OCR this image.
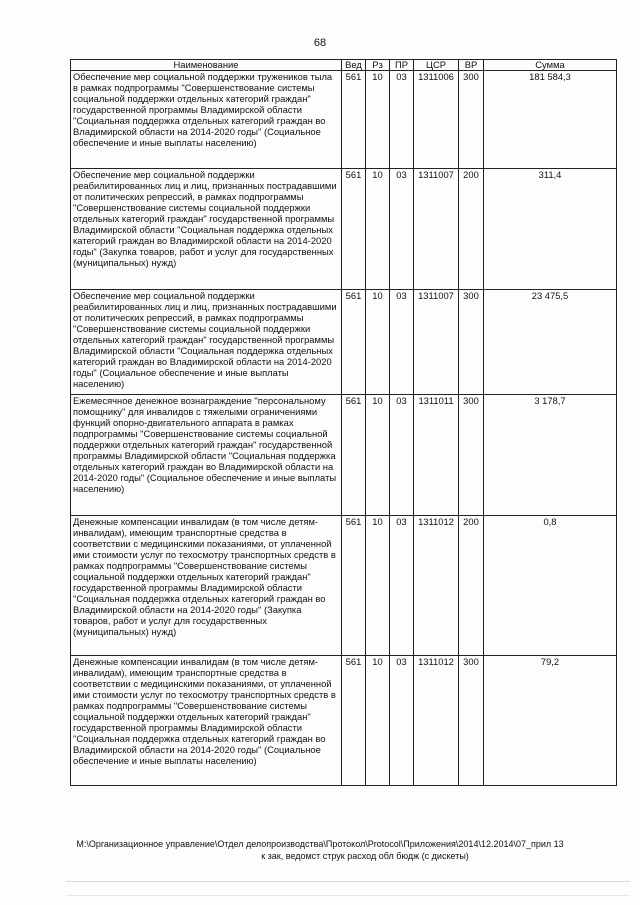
68
Наименование	Вед	Рз	ПР	ЦСР	ВР	Сумма
Обеспечение мер социальной поддержки тружеников тыла в рамках подпрограммы "Совершенствование системы социальной поддержки отдельных категорий граждан" государственной программы Владимирской области "Социальная поддержка отдельных категорий граждан во Владимирской области на 2014-2020 годы" (Социальное обеспечение и иные выплаты населению)	561	10	03	1311006	300	181 584,3
Обеспечение мер социальной поддержки реабилитированных лиц и лиц, признанных пострадавшими от политических репрессий, в рамках подпрограммы "Совершенствование системы социальной поддержки отдельных категорий граждан" государственной программы Владимирской области "Социальная поддержка отдельных категорий граждан во Владимирской области на 2014-2020 годы" (Закупка товаров, работ и услуг для государственных (муниципальных) нужд)	561	10	03	1311007	200	311,4
Обеспечение мер социальной поддержки реабилитированных лиц и лиц, признанных пострадавшими от политических репрессий, в рамках подпрограммы "Совершенствование системы социальной поддержки отдельных категорий граждан" государственной программы Владимирской области "Социальная поддержка отдельных категорий граждан во Владимирской области на 2014-2020 годы" (Социальное обеспечение и иные выплаты населению)	561	10	03	1311007	300	23 475,5
Ежемесячное денежное вознаграждение "персональному помощнику" для инвалидов с тяжелыми ограничениями функций опорно-двигательного аппарата в рамках подпрограммы "Совершенствование системы социальной поддержки отдельных категорий граждан" государственной программы Владимирской области "Социальная поддержка отдельных категорий граждан во Владимирской области на 2014-2020 годы" (Социальное обеспечение и иные выплаты населению)	561	10	03	1311011	300	3 178,7
Денежные компенсации инвалидам (в том числе детям-инвалидам), имеющим транспортные средства в соответствии с медицинскими показаниями, от уплаченной ими стоимости услуг по техосмотру транспортных средств в рамках подпрограммы "Совершенствование системы социальной поддержки отдельных категорий граждан" государственной программы Владимирской области "Социальная поддержка отдельных категорий граждан во Владимирской области на 2014-2020 годы" (Закупка товаров, работ и услуг для государственных (муниципальных) нужд)	561	10	03	1311012	200	0,8
Денежные компенсации инвалидам (в том числе детям-инвалидам), имеющим транспортные средства в соответствии с медицинскими показаниями, от уплаченной ими стоимости услуг по техосмотру транспортных средств в рамках подпрограммы "Совершенствование системы социальной поддержки отдельных категорий граждан" государственной программы Владимирской области "Социальная поддержка отдельных категорий граждан во Владимирской области на 2014-2020 годы" (Социальное обеспечение и иные выплаты населению)	561	10	03	1311012	300	79,2
М:\Организационное управление\Отдел делопроизводства\Протокол\Protocol\Приложения\2014\12.2014\07_прил 13
к зак, ведомст струк расход обл бюдж (с дискеты)
